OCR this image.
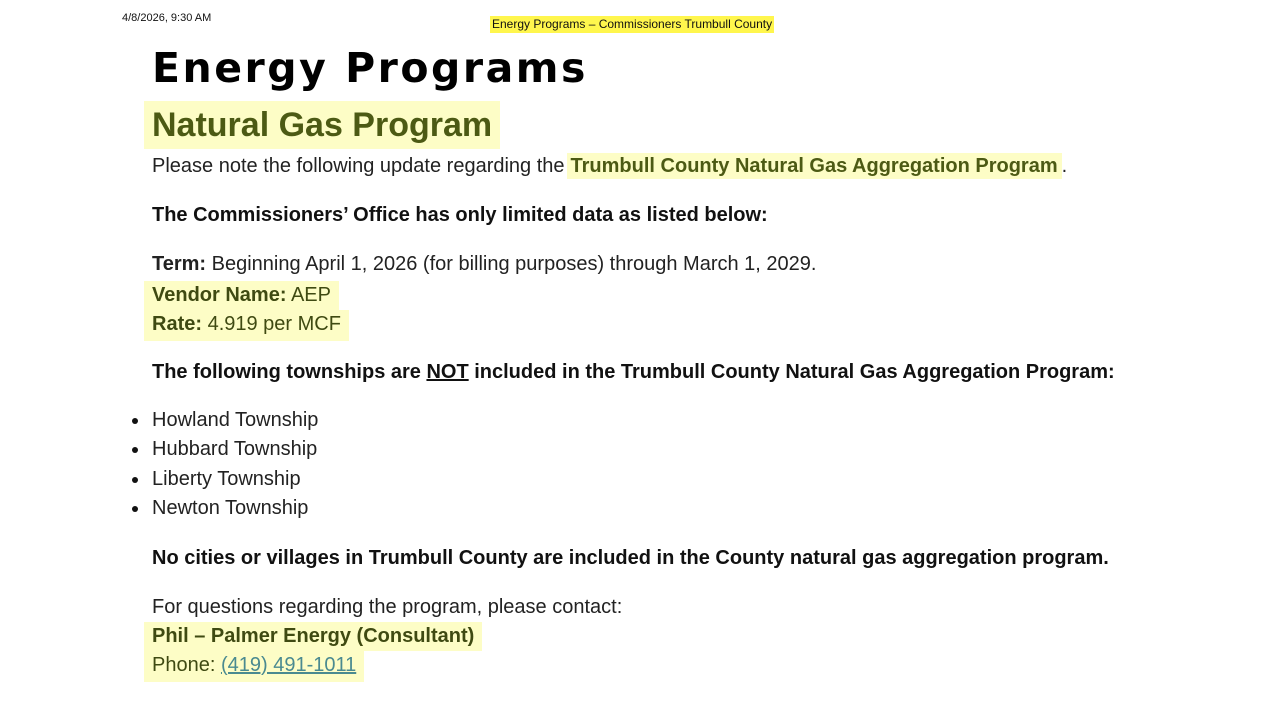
4/8/2026, 9:30 AM	Energy Programs – Commissioners Trumbull County
Energy Programs
Natural Gas Program

Please note the following update regarding the Trumbull County Natural Gas Aggregation Program .

The Commissioners’ Office has only limited data as listed below:

Term: Beginning April 1, 2026 (for billing purposes) through March 1, 2029.

Vendor Name: AEP

Rate: 4.919 per MCF

The following townships are NOT included in the Trumbull County Natural Gas Aggregation Program:

Howland Township
Hubbard Township
Liberty Township
Newton Township

No cities or villages in Trumbull County are included in the County natural gas aggregation program.

For questions regarding the program, please contact:

Phil – Palmer Energy (Consultant)

Phone: (419) 491-1011
